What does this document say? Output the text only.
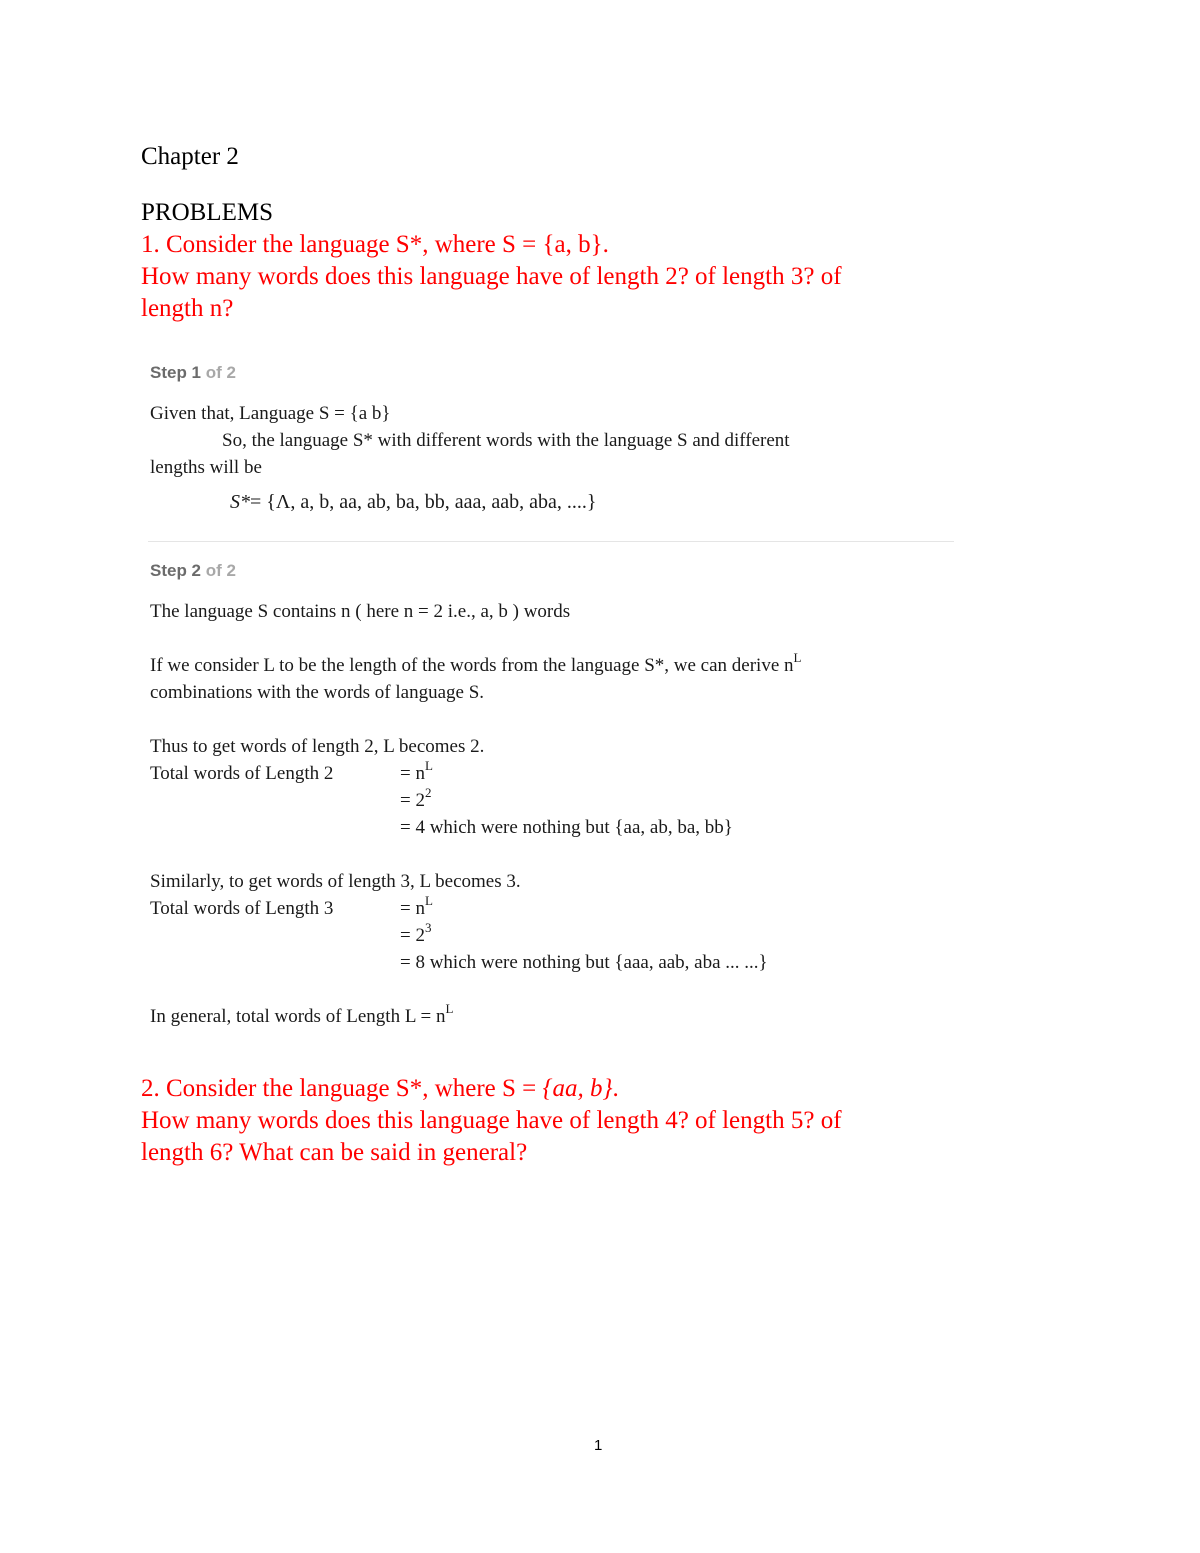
Chapter 2
PROBLEMS
1. Consider the language S*, where S = {a, b}.
How many words does this language have of length 2? of length 3? of
length n?
Step 1 of 2
Given that, Language S = {a b}
So, the language S* with different words with the language S and different
lengths will be
S*= {Λ, a, b, aa, ab, ba, bb, aaa, aab, aba, ....}
Step 2 of 2
The language S contains n ( here n = 2 i.e., a, b ) words
If we consider L to be the length of the words from the language S*, we can derive $n^L$
combinations with the words of language S.
Thus to get words of length 2, L becomes 2.
Total words of Length 2	= $n^L$
= $2^2$
= 4 which were nothing but {aa, ab, ba, bb}
Similarly, to get words of length 3, L becomes 3.
Total words of Length 3	= $n^L$
= $2^3$
= 8 which were nothing but {aaa, aab, aba ... ...}
In general, total words of Length $L = n^L$
2. Consider the language S*, where S = {aa, b}.
How many words does this language have of length 4? of length 5? of
length 6? What can be said in general?
1
